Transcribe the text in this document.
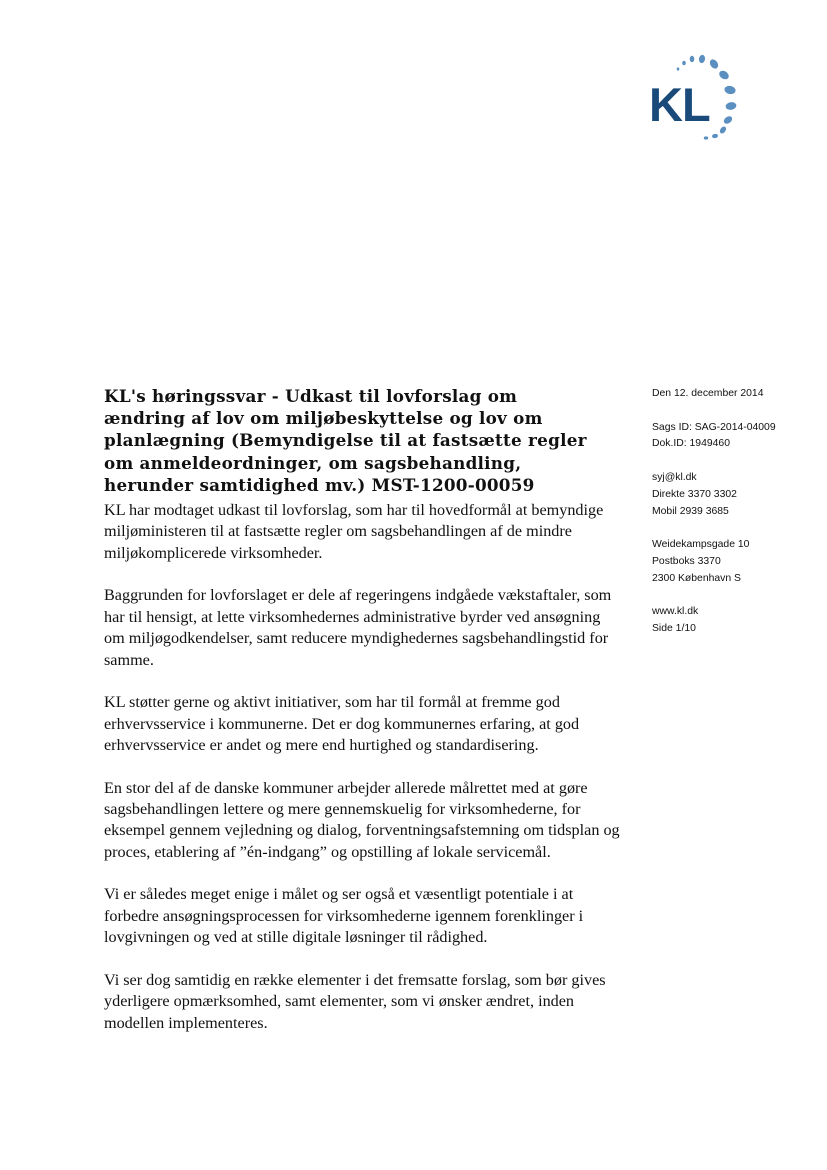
KL
KL's høringssvar - Udkast til lovforslag om ændring af lov om miljøbeskyttelse og lov om planlægning (Bemyndigelse til at fastsætte regler om anmeldeordninger, om sagsbehandling, herunder samtidighed mv.) MST-1200-00059

KL har modtaget udkast til lovforslag, som har til hovedformål at bemyndige miljøministeren til at fastsætte regler om sagsbehandlingen af de mindre miljøkomplicerede virksomheder.

Baggrunden for lovforslaget er dele af regeringens indgåede vækstaftaler, som har til hensigt, at lette virksomhedernes administrative byrder ved ansøgning om miljøgodkendelser, samt reducere myndighedernes sagsbehandlingstid for samme.

KL støtter gerne og aktivt initiativer, som har til formål at fremme god erhvervsservice i kommunerne. Det er dog kommunernes erfaring, at god erhvervsservice er andet og mere end hurtighed og standardisering.

En stor del af de danske kommuner arbejder allerede målrettet med at gøre sagsbehandlingen lettere og mere gennemskuelig for virksomhederne, for eksempel gennem vejledning og dialog, forventningsafstemning om tidsplan og proces, etablering af ”én-indgang” og opstilling af lokale servicemål.

Vi er således meget enige i målet og ser også et væsentligt potentiale i at forbedre ansøgningsprocessen for virksomhederne igennem forenklinger i lovgivningen og ved at stille digitale løsninger til rådighed.

Vi ser dog samtidig en række elementer i det fremsatte forslag, som bør gives yderligere opmærksomhed, samt elementer, som vi ønsker ændret, inden modellen implementeres.

Den 12. december 2014
Sags ID: SAG-2014-04009
Dok.ID: 1949460
syj@kl.dk
Direkte 3370 3302
Mobil 2939 3685
Weidekampsgade 10
Postboks 3370
2300 København S
www.kl.dk
Side 1/10
